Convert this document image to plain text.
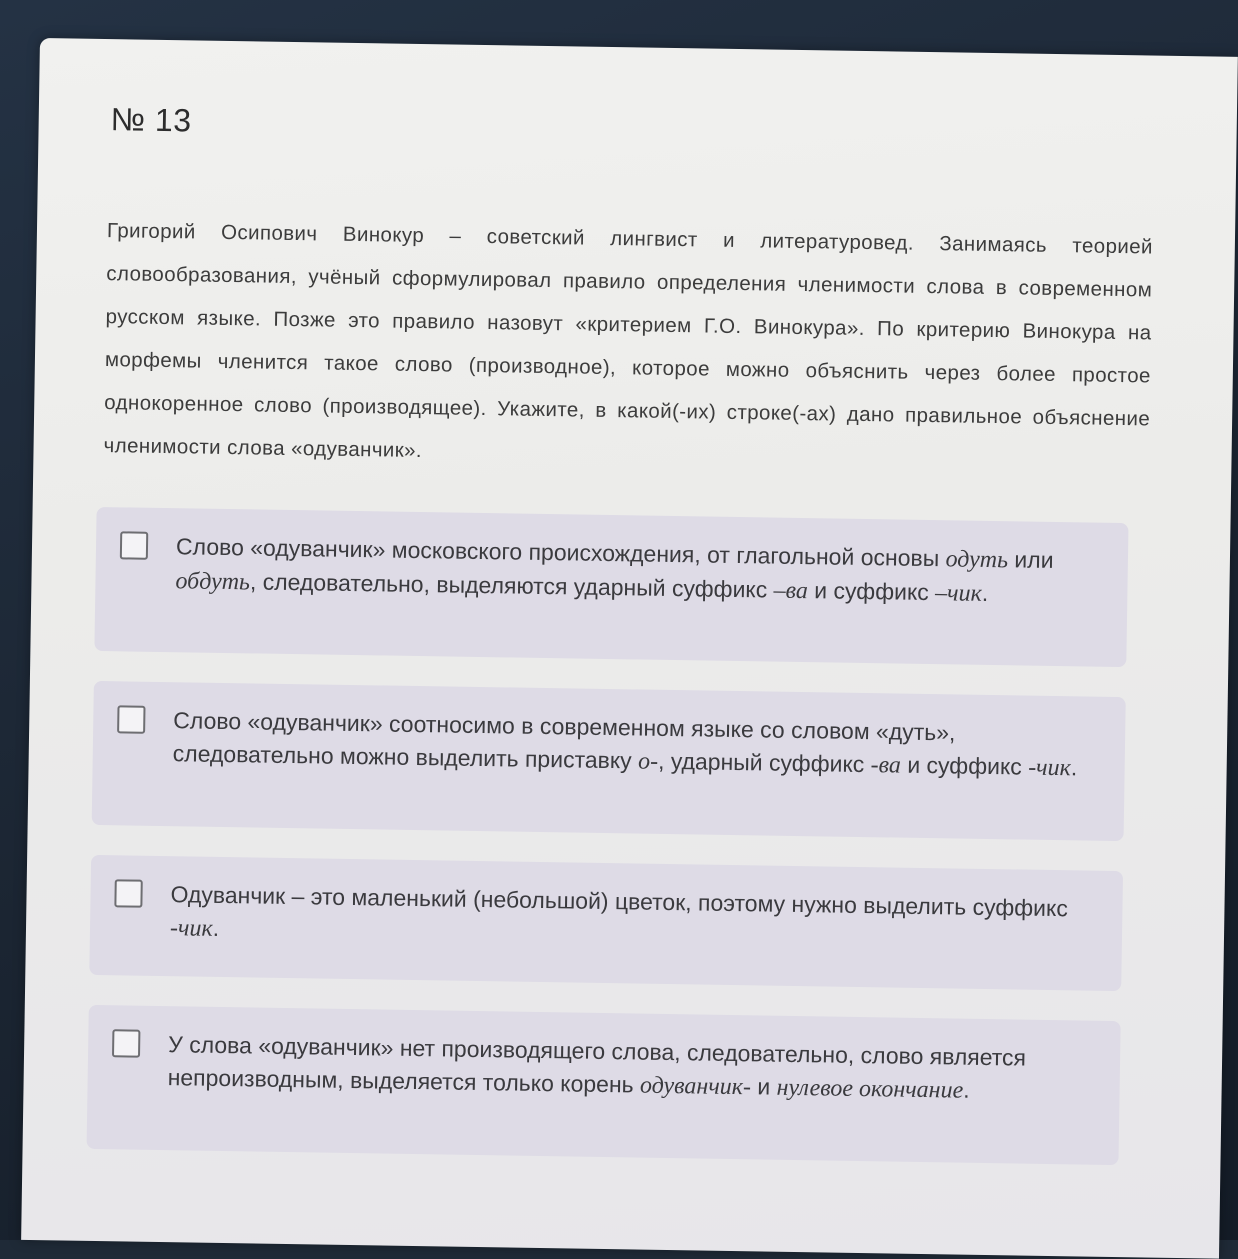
№ 13
Григорий Осипович Винокур – советский лингвист и литературовед. Занимаясь теорией словообразования, учёный сформулировал правило определения членимости слова в современном русском языке. Позже это правило назовут «критерием Г.О. Винокура». По критерию Винокура на морфемы членится такое слово (производное), которое можно объяснить через более простое однокоренное слово (производящее). Укажите, в какой(-их) строке(-ах) дано правильное объяснение членимости слова «одуванчик».
Слово «одуванчик» московского происхождения, от глагольной основы одуть или обдуть, следовательно, выделяются ударный суффикс –ва и суффикс –чик.
Слово «одуванчик» соотносимо в современном языке со словом «дуть», следовательно можно выделить приставку о-, ударный суффикс -ва и суффикс -чик.
Одуванчик – это маленький (небольшой) цветок, поэтому нужно выделить суффикс -чик.
У слова «одуванчик» нет производящего слова, следовательно, слово является непроизводным, выделяется только корень одуванчик- и нулевое окончание.
